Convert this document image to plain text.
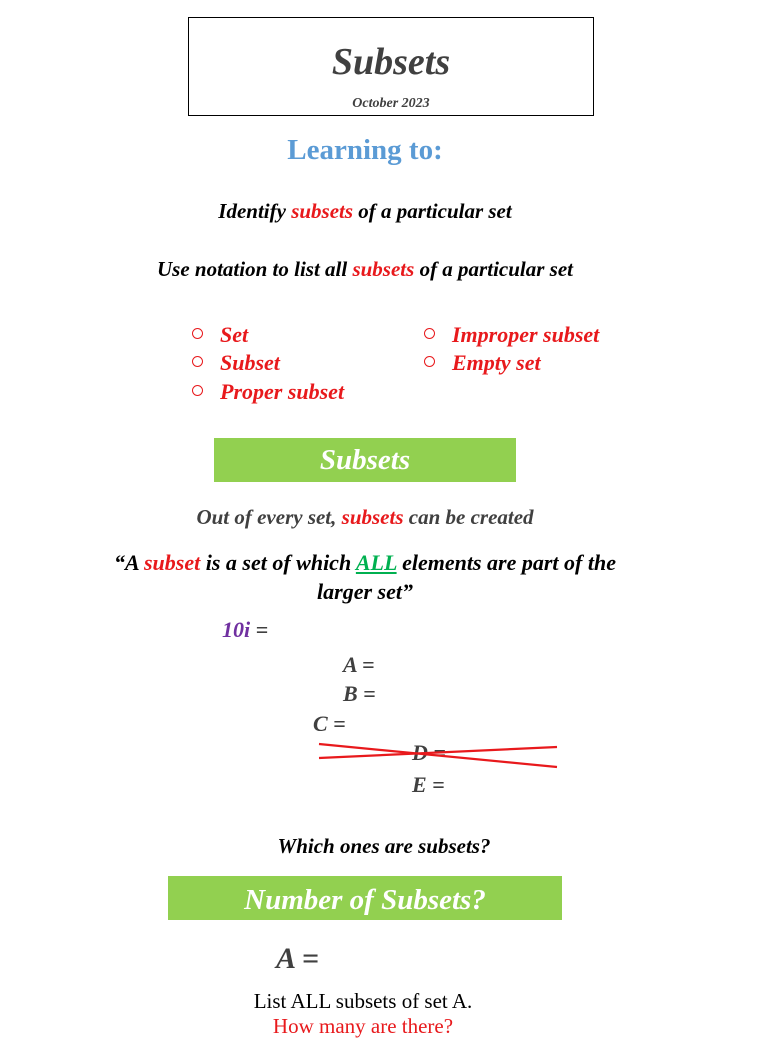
Subsets
October 2023
Learning to:
Identify subsets of a particular set
Use notation to list all subsets of a particular set
Set
Subset
Proper subset
Improper subset
Empty set
Subsets
Out of every set, subsets can be created
“A subset is a set of which ALL elements are part of the
larger set”
10i =
A =
B =
C =
E =
Which ones are subsets?
Number of Subsets?
A =
List ALL subsets of set A.
How many are there?
